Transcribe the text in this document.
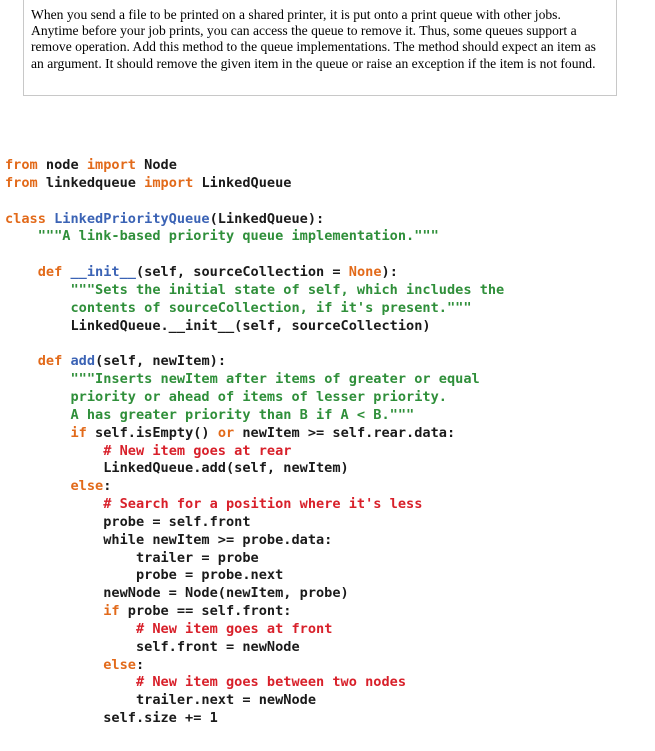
When you send a file to be printed on a shared printer, it is put onto a print queue with other jobs. Anytime before your job prints, you can access the queue to remove it. Thus, some queues support a remove operation. Add this method to the queue implementations. The method should expect an item as an argument. It should remove the given item in the queue or raise an exception if the item is not found.

from node import Node
from linkedqueue import LinkedQueue
class LinkedPriorityQueue(LinkedQueue):
"""A link-based priority queue implementation."""
def __init__(self, sourceCollection = None):
"""Sets the initial state of self, which includes the
contents of sourceCollection, if it's present."""
LinkedQueue.__init__(self, sourceCollection)
def add(self, newItem):
"""Inserts newItem after items of greater or equal
priority or ahead of items of lesser priority.
A has greater priority than B if A < B."""
if self.isEmpty() or newItem >= self.rear.data:
# New item goes at rear
LinkedQueue.add(self, newItem)
else:
# Search for a position where it's less
probe = self.front
while newItem >= probe.data:
trailer = probe
probe = probe.next
newNode = Node(newItem, probe)
if probe == self.front:
# New item goes at front
self.front = newNode
else:
# New item goes between two nodes
trailer.next = newNode
self.size += 1
